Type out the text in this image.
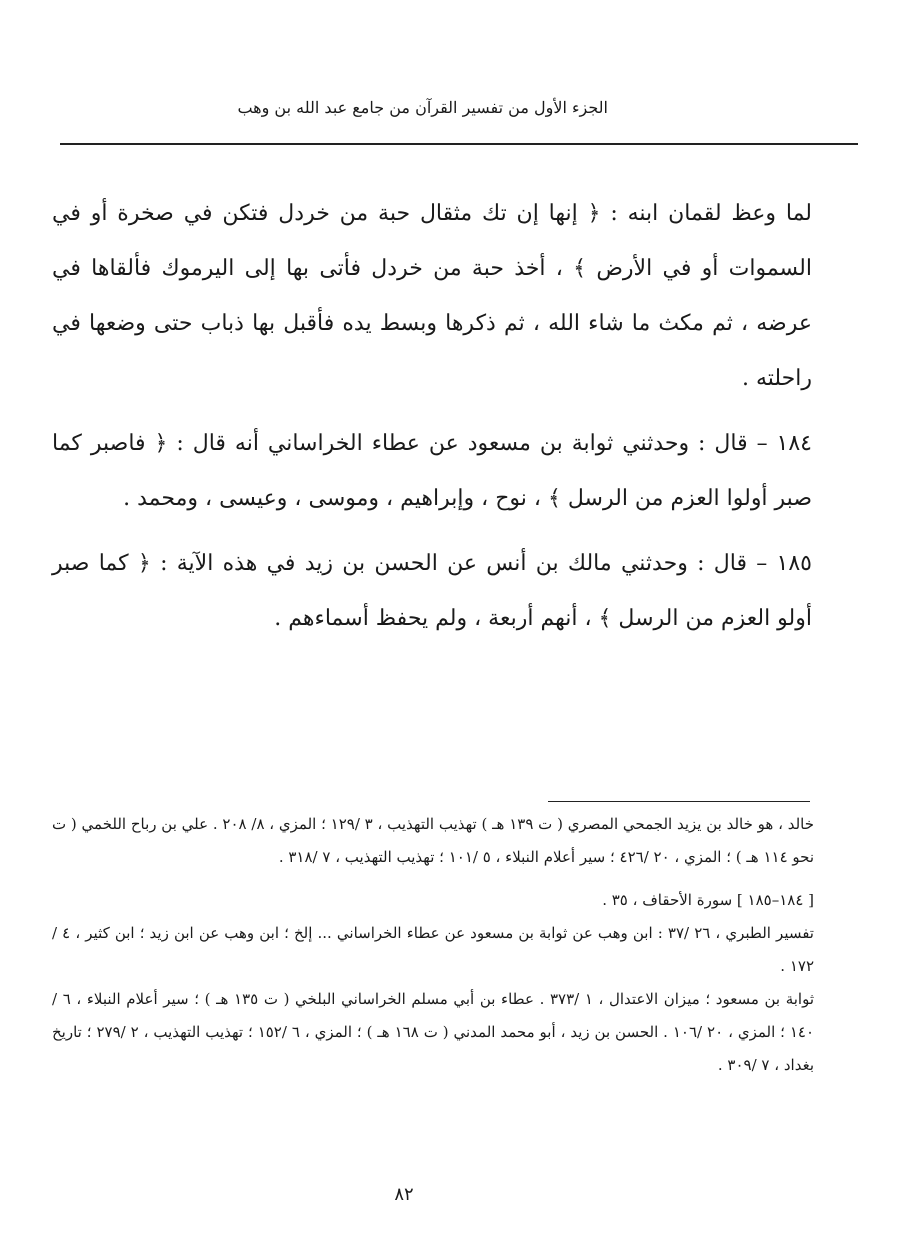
الجزء الأول من تفسير القرآن من جامع عبد الله بن وهب

لما وعظ لقمان ابنه : ﴿ إنها إن تك مثقال حبة من خردل فتكن في صخرة أو في السموات أو في الأرض ﴾ ، أخذ حبة من خردل فأتى بها إلى اليرموك فألقاها في عرضه ، ثم مكث ما شاء الله ، ثم ذكرها وبسط يده فأقبل بها ذباب حتى وضعها في راحلته .

١٨٤ – قال : وحدثني ثوابة بن مسعود عن عطاء الخراساني أنه قال : ﴿ فاصبر كما صبر أولوا العزم من الرسل ﴾ ، نوح ، وإبراهيم ، وموسى ، وعيسى ، ومحمد .

١٨٥ – قال : وحدثني مالك بن أنس عن الحسن بن زيد في هذه الآية : ﴿ كما صبر أولو العزم من الرسل ﴾ ، أنهم أربعة ، ولم يحفظ أسماءهم .

خالد ، هو خالد بن يزيد الجمحي المصري ( ت ١٣٩ هـ ) تهذيب التهذيب ، ٣ /١٢٩ ؛ المزي ، ٨/ ٢٠٨ . علي بن رباح اللخمي ( ت نحو ١١٤ هـ ) ؛ المزي ، ٢٠ /٤٢٦ ؛ سير أعلام النبلاء ، ٥ /١٠١ ؛ تهذيب التهذيب ، ٧ /٣١٨ .

[ ١٨٤–١٨٥ ] سورة الأحقاف ، ٣٥ .

تفسير الطبري ، ٢٦ /٣٧ : ابن وهب عن ثوابة بن مسعود عن عطاء الخراساني ... إلخ ؛ ابن وهب عن ابن زيد ؛ ابن كثير ، ٤ /١٧٢ .

ثوابة بن مسعود ؛ ميزان الاعتدال ، ١ /٣٧٣ . عطاء بن أبي مسلم الخراساني البلخي ( ت ١٣٥ هـ ) ؛ سير أعلام النبلاء ، ٦ /١٤٠ ؛ المزي ، ٢٠ /١٠٦ . الحسن بن زيد ، أبو محمد المدني ( ت ١٦٨ هـ ) ؛ المزي ، ٦ /١٥٢ ؛ تهذيب التهذيب ، ٢ /٢٧٩ ؛ تاريخ بغداد ، ٧ /٣٠٩ .

٨٢
